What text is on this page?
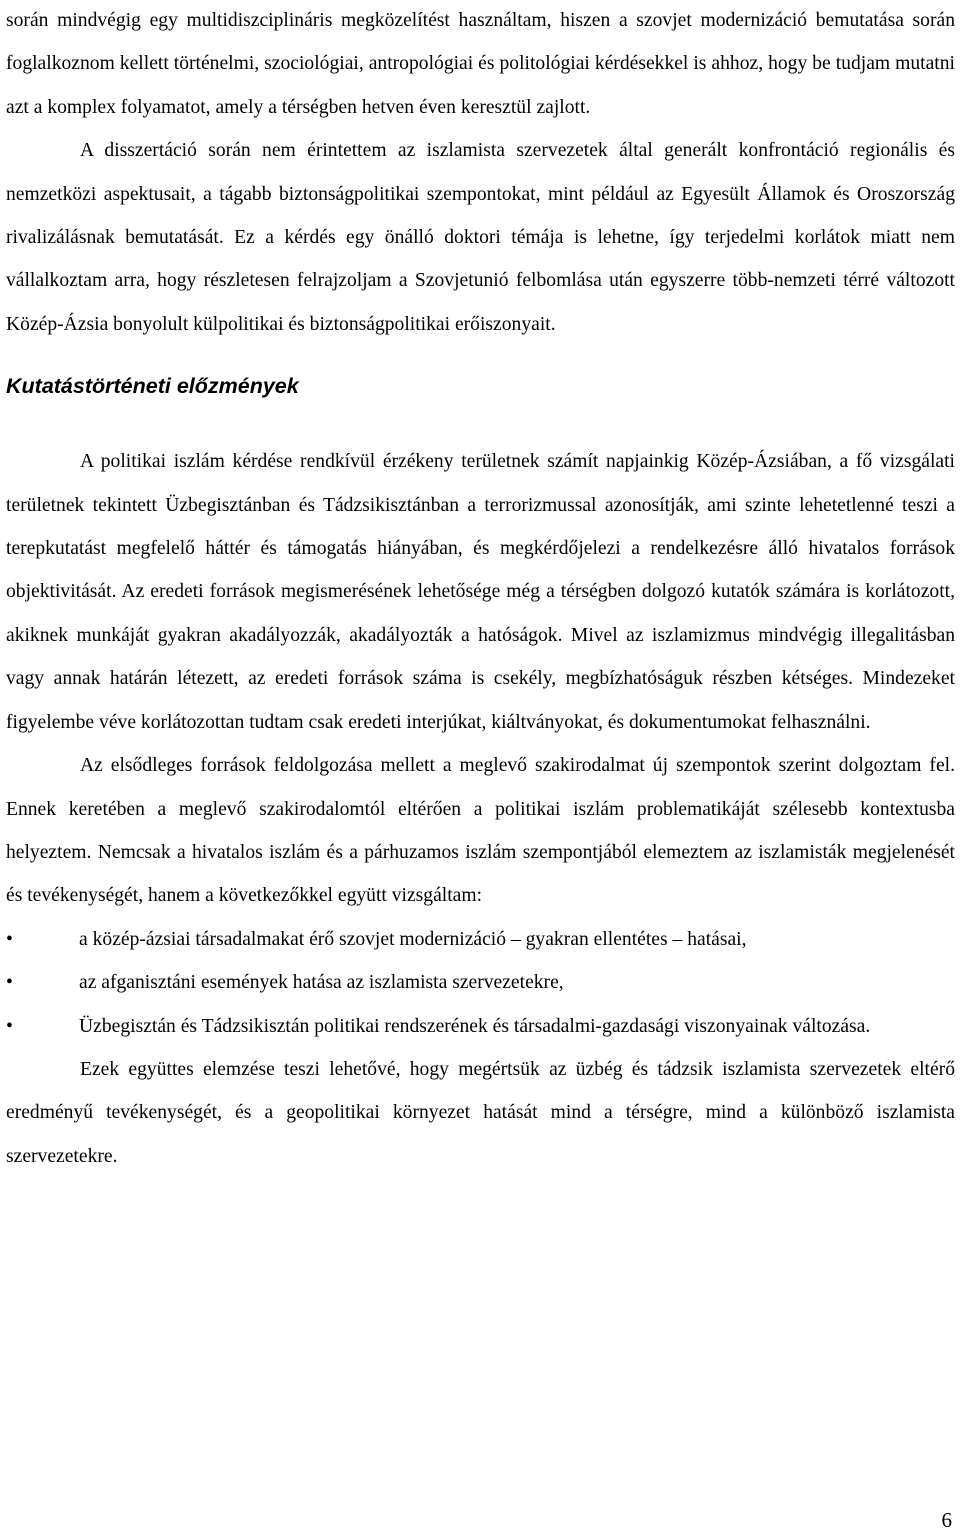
során mindvégig egy multidiszciplináris megközelítést használtam, hiszen a szovjet modernizáció bemutatása során foglalkoznom kellett történelmi, szociológiai, antropológiai és politológiai kérdésekkel is ahhoz, hogy be tudjam mutatni azt a komplex folyamatot, amely a térségben hetven éven keresztül zajlott.

A disszertáció során nem érintettem az iszlamista szervezetek által generált konfrontáció regionális és nemzetközi aspektusait, a tágabb biztonságpolitikai szempontokat, mint például az Egyesült Államok és Oroszország rivalizálásnak bemutatását. Ez a kérdés egy önálló doktori témája is lehetne, így terjedelmi korlátok miatt nem vállalkoztam arra, hogy részletesen felrajzoljam a Szovjetunió felbomlása után egyszerre több-nemzeti térré változott Közép-Ázsia bonyolult külpolitikai és biztonságpolitikai erőiszonyait.

Kutatástörténeti előzmények

A politikai iszlám kérdése rendkívül érzékeny területnek számít napjainkig Közép-Ázsiában, a fő vizsgálati területnek tekintett Üzbegisztánban és Tádzsikisztánban a terrorizmussal azonosítják, ami szinte lehetetlenné teszi a terepkutatást megfelelő háttér és támogatás hiányában, és megkérdőjelezi a rendelkezésre álló hivatalos források objektivitását. Az eredeti források megismerésének lehetősége még a térségben dolgozó kutatók számára is korlátozott, akiknek munkáját gyakran akadályozzák, akadályozták a hatóságok. Mivel az iszlamizmus mindvégig illegalitásban vagy annak határán létezett, az eredeti források száma is csekély, megbízhatóságuk részben kétséges. Mindezeket figyelembe véve korlátozottan tudtam csak eredeti interjúkat, kiáltványokat, és dokumentumokat felhasználni.

Az elsődleges források feldolgozása mellett a meglevő szakirodalmat új szempontok szerint dolgoztam fel. Ennek keretében a meglevő szakirodalomtól eltérően a politikai iszlám problematikáját szélesebb kontextusba helyeztem. Nemcsak a hivatalos iszlám és a párhuzamos iszlám szempontjából elemeztem az iszlamisták megjelenését és tevékenységét, hanem a következőkkel együtt vizsgáltam:

•	a közép-ázsiai társadalmakat érő szovjet modernizáció – gyakran ellentétes – hatásai,
•	az afganisztáni események hatása az iszlamista szervezetekre,
•	Üzbegisztán és Tádzsikisztán politikai rendszerének és társadalmi-gazdasági viszonyainak változása.

Ezek együttes elemzése teszi lehetővé, hogy megértsük az üzbég és tádzsik iszlamista szervezetek eltérő eredményű tevékenységét, és a geopolitikai környezet hatását mind a térségre, mind a különböző iszlamista szervezetekre.

6
